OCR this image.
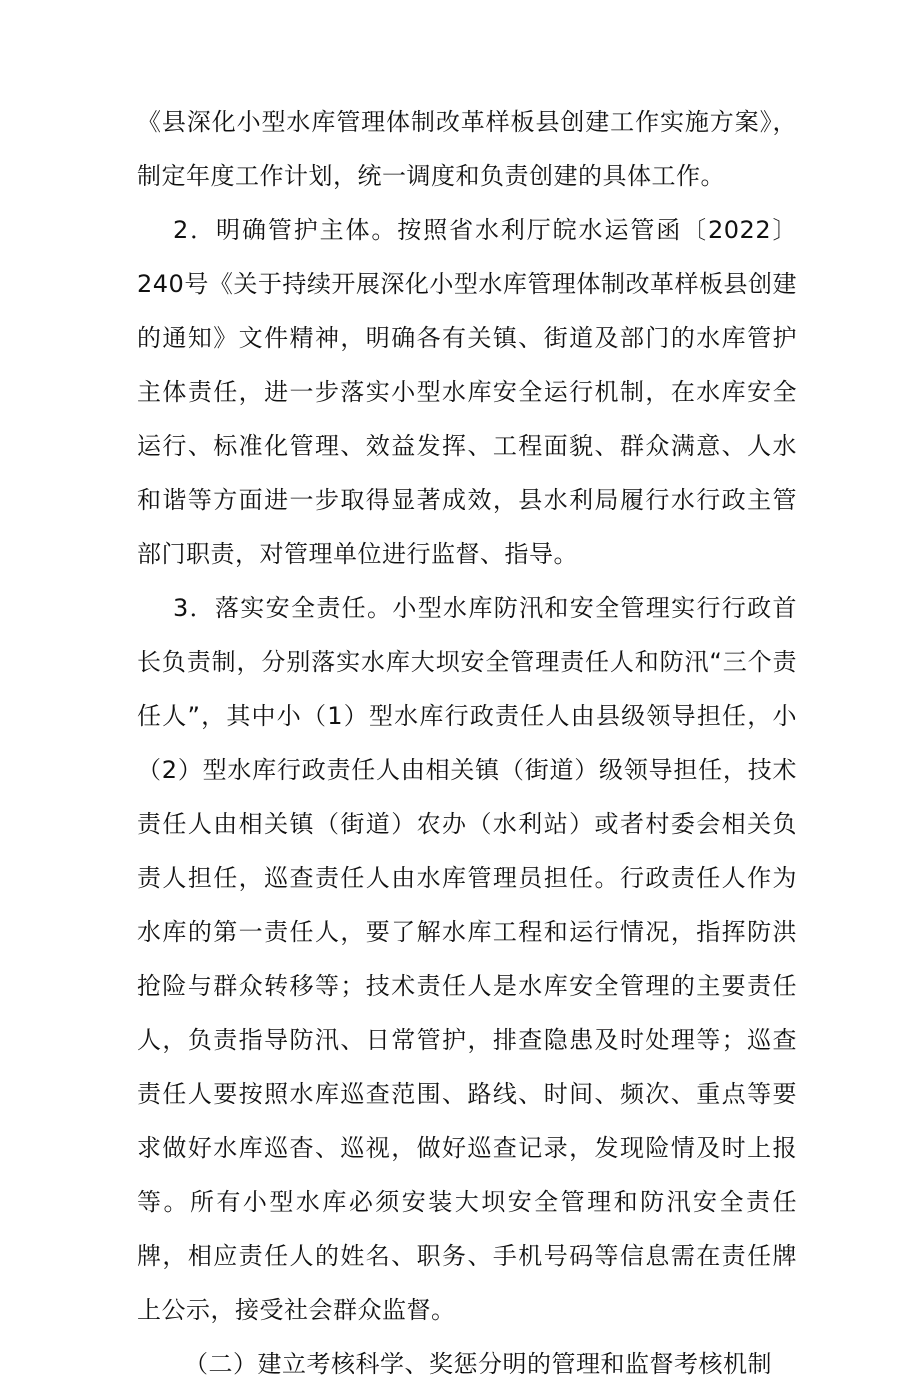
《县深化小型水库管理体制改革样板县创建工作实施方案》，制定年度工作计划，统一调度和负责创建的具体工作。

2．明确管护主体。按照省水利厅皖水运管函〔2022〕240号《关于持续开展深化小型水库管理体制改革样板县创建的通知》文件精神，明确各有关镇、街道及部门的水库管护主体责任，进一步落实小型水库安全运行机制，在水库安全运行、标准化管理、效益发挥、工程面貌、群众满意、人水和谐等方面进一步取得显著成效，县水利局履行水行政主管部门职责，对管理单位进行监督、指导。

3．落实安全责任。小型水库防汛和安全管理实行行政首长负责制，分别落实水库大坝安全管理责任人和防汛“三个责任人”，其中小（1）型水库行政责任人由县级领导担任，小（2）型水库行政责任人由相关镇（街道）级领导担任，技术责任人由相关镇（街道）农办（水利站）或者村委会相关负责人担任，巡查责任人由水库管理员担任。行政责任人作为水库的第一责任人，要了解水库工程和运行情况，指挥防洪抢险与群众转移等；技术责任人是水库安全管理的主要责任人，负责指导防汛、日常管护，排查隐患及时处理等；巡查责任人要按照水库巡查范围、路线、时间、频次、重点等要求做好水库巡杳、巡视，做好巡查记录，发现险情及时上报等。所有小型水库必须安装大坝安全管理和防汛安全责任牌，相应责任人的姓名、职务、手机号码等信息需在责任牌上公示，接受社会群众监督。

（二）建立考核科学、奖惩分明的管理和监督考核机制
